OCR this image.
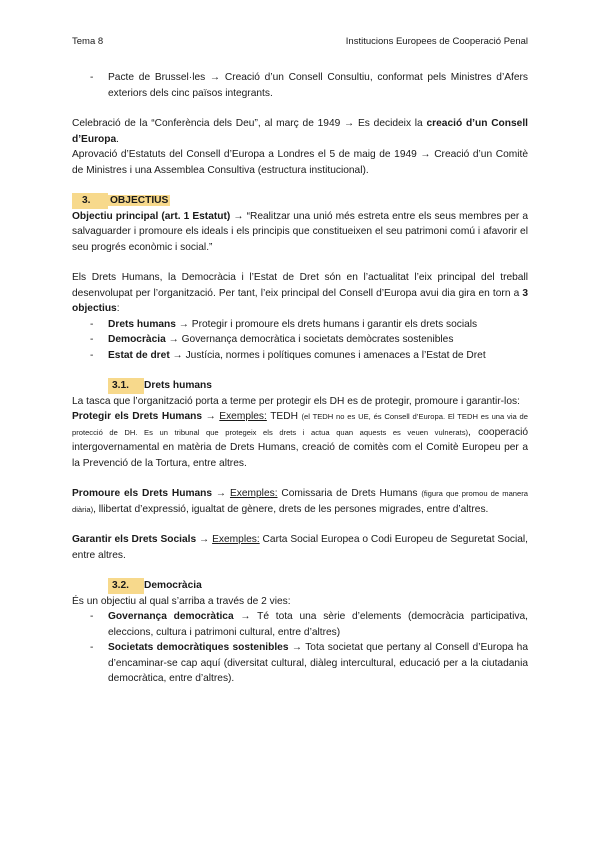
Tema 8	Institucions Europees de Cooperació Penal
- Pacte de Brussel·les → Creació d’un Consell Consultiu, conformat pels Ministres d’Afers exteriors dels cinc països integrants.

Celebració de la “Conferència dels Deu”, al març de 1949 → Es decideix la creació d’un Consell d’Europa.

Aprovació d’Estatuts del Consell d’Europa a Londres el 5 de maig de 1949 → Creació d’un Comitè de Ministres i una Assemblea Consultiva (estructura institucional).

3. OBJECTIUS

Objectiu principal (art. 1 Estatut) → “Realitzar una unió més estreta entre els seus membres per a salvaguarder i promoure els ideals i els principis que constitueixen el seu patrimoni comú i afavorir el seu progrés econòmic i social.”

Els Drets Humans, la Democràcia i l’Estat de Dret són en l’actualitat l’eix principal del treball desenvolupat per l’organització. Per tant, l’eix principal del Consell d’Europa avui dia gira en torn a 3 objectius:

- Drets humans → Protegir i promoure els drets humans i garantir els drets socials
- Democràcia → Governança democràtica i societats demòcrates sostenibles
- Estat de dret → Justícia, normes i polítiques comunes i amenaces a l’Estat de Dret

3.1. Drets humans

La tasca que l’organització porta a terme per protegir els DH es de protegir, promoure i garantir-los:

Protegir els Drets Humans → Exemples: TEDH (el TEDH no es UE, és Consell d’Europa. El TEDH es una via de protecció de DH. Es un tribunal que protegeix els drets i actua quan aquests es veuen vulnerats), cooperació intergovernamental en matèria de Drets Humans, creació de comitès com el Comitè Europeu per a la Prevenció de la Tortura, entre altres.

Promoure els Drets Humans → Exemples: Comissaria de Drets Humans (figura que promou de manera diària), llibertat d’expressió, igualtat de gènere, drets de les persones migrades, entre d’altres.

Garantir els Drets Socials → Exemples: Carta Social Europea o Codi Europeu de Seguretat Social, entre altres.

3.2. Democràcia

És un objectiu al qual s’arriba a través de 2 vies:

- Governança democràtica → Té tota una sèrie d’elements (democràcia participativa, eleccions, cultura i patrimoni cultural, entre d’altres)
- Societats democràtiques sostenibles → Tota societat que pertany al Consell d’Europa ha d’encaminar-se cap aquí (diversitat cultural, diàleg intercultural, educació per a la ciutadania democràtica, entre d’altres).
